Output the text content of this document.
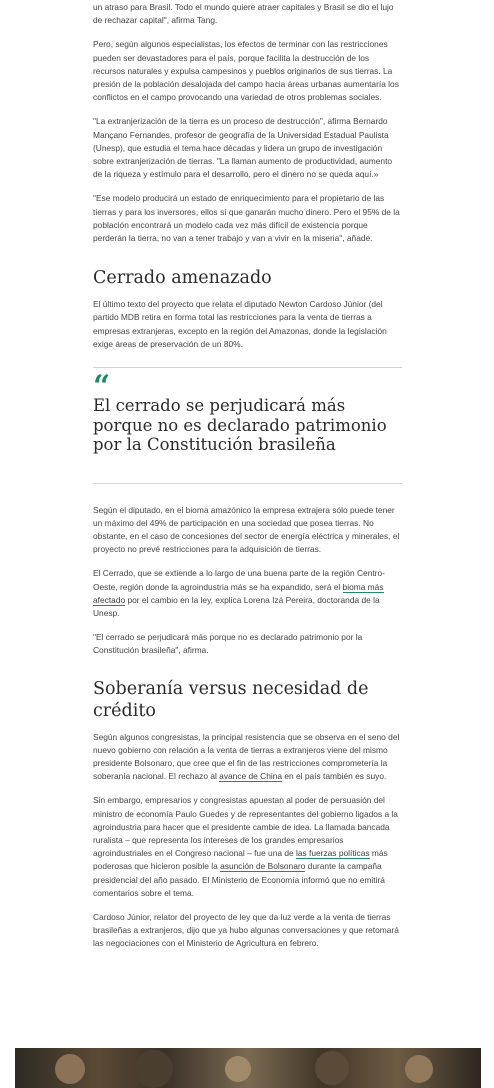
un atraso para Brasil. Todo el mundo quiere atraer capitales y Brasil se dio el lujo de rechazar capital", afirma Tang.

Pero, según algunos especialistas, los efectos de terminar con las restricciones pueden ser devastadores para el país, porque facilita la destrucción de los recursos naturales y expulsa campesinos y pueblos originarios de sus tierras. La presión de la población desalojada del campo hacia áreas urbanas aumentaría los conflictos en el campo provocando una variedad de otros problemas sociales.

"La extranjerización de la tierra es un proceso de destrucción", afirma Bernardo Mançano Fernandes, profesor de geografía de la Universidad Estadual Paulista (Unesp), que estudia el tema hace décadas y lidera un grupo de investigación sobre extranjerización de tierras. "La llaman aumento de productividad, aumento de la riqueza y estímulo para el desarrollo, pero el dinero no se queda aquí.»

"Ese modelo producirá un estado de enriquecimiento para el propietario de las tierras y para los inversores, ellos sí que ganarán mucho dinero. Pero el 95% de la población encontrará un modelo cada vez más difícil de existencia porque perderán la tierra, no van a tener trabajo y van a vivir en la miseria", añade.

Cerrado amenazado

El último texto del proyecto que relata el diputado Newton Cardoso Júnior (del partido MDB retira en forma total las restricciones para la venta de tierras a empresas extranjeras, excepto en la región del Amazonas, donde la legislación exige áreas de preservación de un 80%.

“

El cerrado se perjudicará más porque no es declarado patrimonio por la Constitución brasileña

Según el diputado, en el bioma amazónico la empresa extrajera sólo puede tener un máximo del 49% de participación en una sociedad que posea tierras. No obstante, en el caso de concesiones del sector de energía eléctrica y minerales, el proyecto no prevé restricciones para la adquisición de tierras.

El Cerrado, que se extiende a lo largo de una buena parte de la región Centro-Oeste, región donde la agroindustria más se ha expandido, será el bioma más afectado por el cambio en la ley, explica Lorena Izá Pereira, doctoranda de la Unesp.

"El cerrado se perjudicará más porque no es declarado patrimonio por la Constitución brasileña", afirma.

Soberanía versus necesidad de crédito

Según algunos congresistas, la principal resistencia que se observa en el seno del nuevo gobierno con relación a la venta de tierras a extranjeros viene del mismo presidente Bolsonaro, que cree que el fin de las restricciones comprometería la soberanía nacional. El rechazo al avance de China en el país también es suyo.

Sin embargo, empresarios y congresistas apuestan al poder de persuasión del ministro de economía Paulo Guedes y de representantes del gobierno ligados a la agroindustria para hacer que el presidente cambie de idea. La llamada bancada ruralista – que representa los intereses de los grandes empresarios agroindustriales en el Congreso nacional – fue una de las fuerzas políticas más poderosas que hicieron posible la asunción de Bolsonaro durante la campaña presidencial del año pasado. El Ministerio de Economía informó que no emitirá comentarios sobre el tema.

Cardoso Júnior, relator del proyecto de ley que da luz verde a la venta de tierras brasileñas a extranjeros, dijo que ya hubo algunas conversaciones y que retomará las negociaciones con el Ministerio de Agricultura en febrero.
